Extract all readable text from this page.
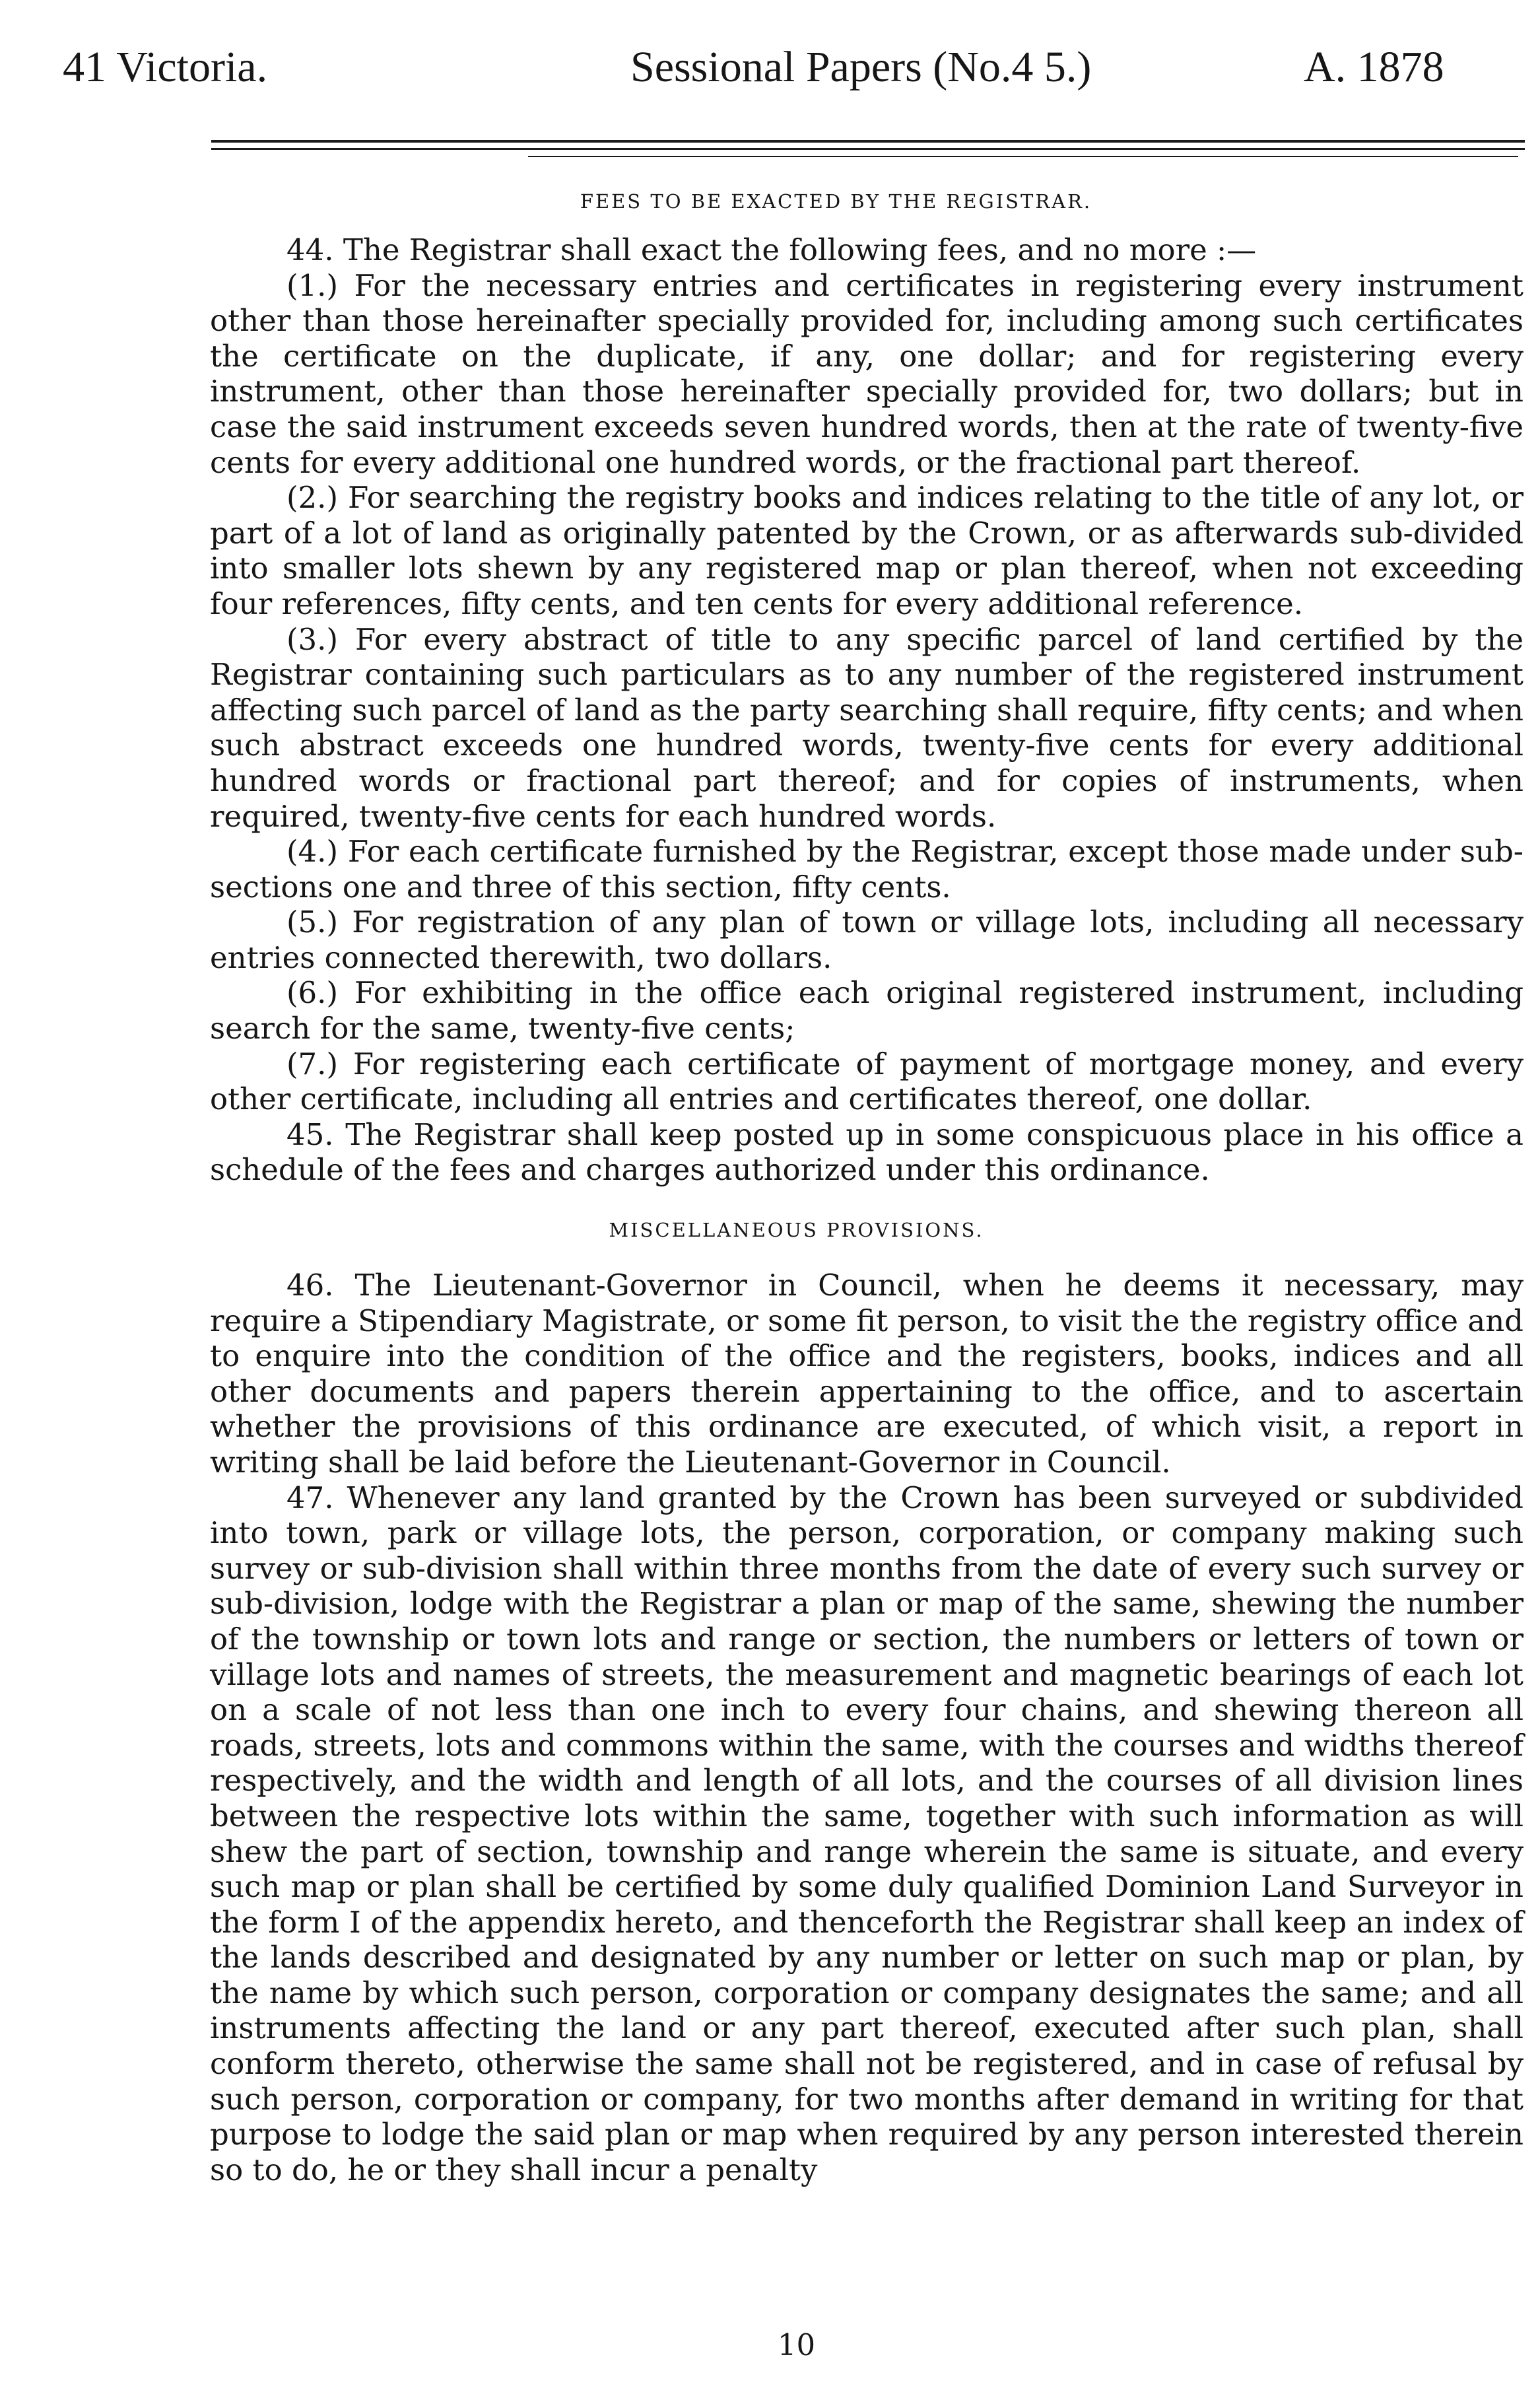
41 Victoria.	Sessional Papers (No.4 5.)	A. 1878
FEES TO BE EXACTED BY THE REGISTRAR.

44. The Registrar shall exact the following fees, and no more :—

(1.) For the necessary entries and certificates in registering every instrument other than those hereinafter specially provided for, including among such certificates the certificate on the duplicate, if any, one dollar; and for registering every instrument, other than those hereinafter specially provided for, two dollars; but in case the said instrument exceeds seven hundred words, then at the rate of twenty-five cents for every additional one hundred words, or the fractional part thereof.

(2.) For searching the registry books and indices relating to the title of any lot, or part of a lot of land as originally patented by the Crown, or as afterwards sub-divided into smaller lots shewn by any registered map or plan thereof, when not exceeding four references, fifty cents, and ten cents for every additional reference.

(3.) For every abstract of title to any specific parcel of land certified by the Registrar containing such particulars as to any number of the registered instrument affecting such parcel of land as the party searching shall require, fifty cents; and when such abstract exceeds one hundred words, twenty-five cents for every additional hundred words or fractional part thereof; and for copies of instruments, when required, twenty-five cents for each hundred words.

(4.) For each certificate furnished by the Registrar, except those made under sub-sections one and three of this section, fifty cents.

(5.) For registration of any plan of town or village lots, including all necessary entries connected therewith, two dollars.

(6.) For exhibiting in the office each original registered instrument, including search for the same, twenty-five cents;

(7.) For registering each certificate of payment of mortgage money, and every other certificate, including all entries and certificates thereof, one dollar.

45. The Registrar shall keep posted up in some conspicuous place in his office a schedule of the fees and charges authorized under this ordinance.

MISCELLANEOUS PROVISIONS.

46. The Lieutenant-Governor in Council, when he deems it necessary, may require a Stipendiary Magistrate, or some fit person, to visit the the registry office and to enquire into the condition of the office and the registers, books, indices and all other documents and papers therein appertaining to the office, and to ascertain whether the provisions of this ordinance are executed, of which visit, a report in writing shall be laid before the Lieutenant-Governor in Council.

47. Whenever any land granted by the Crown has been surveyed or subdivided into town, park or village lots, the person, corporation, or company making such survey or sub-division shall within three months from the date of every such survey or sub-division, lodge with the Registrar a plan or map of the same, shewing the number of the township or town lots and range or section, the numbers or letters of town or village lots and names of streets, the measurement and magnetic bearings of each lot on a scale of not less than one inch to every four chains, and shewing thereon all roads, streets, lots and commons within the same, with the courses and widths thereof respectively, and the width and length of all lots, and the courses of all division lines between the respective lots within the same, together with such information as will shew the part of section, township and range wherein the same is situate, and every such map or plan shall be certified by some duly qualified Dominion Land Surveyor in the form I of the appendix hereto, and thenceforth the Registrar shall keep an index of the lands described and designated by any number or letter on such map or plan, by the name by which such person, corporation or company designates the same; and all instruments affecting the land or any part thereof, executed after such plan, shall conform thereto, otherwise the same shall not be registered, and in case of refusal by such person, corporation or company, for two months after demand in writing for that purpose to lodge the said plan or map when required by any person interested therein so to do, he or they shall incur a penalty

10
